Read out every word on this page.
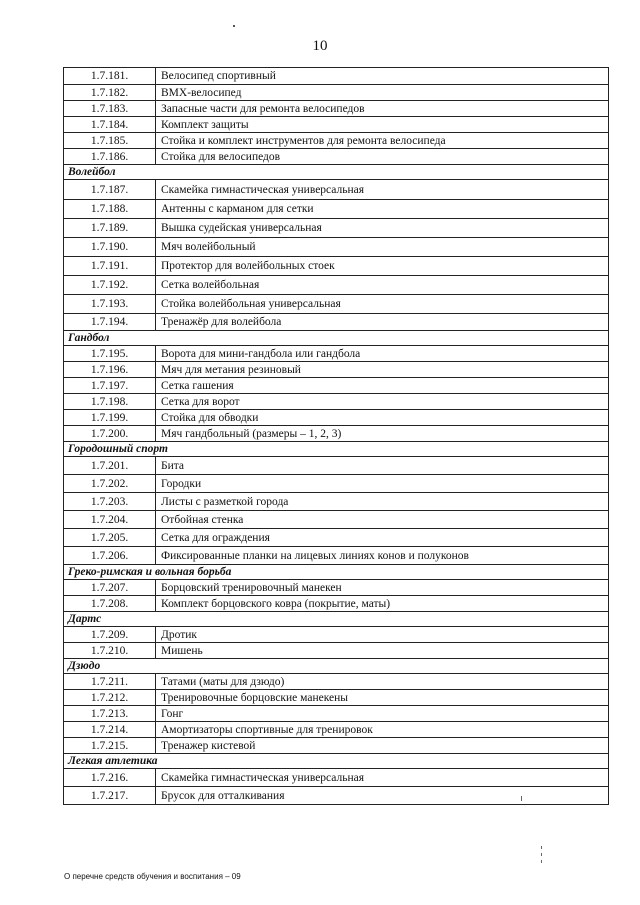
10
1.7.181.	Велосипед спортивный
1.7.182.	BMX-велосипед
1.7.183.	Запасные части для ремонта велосипедов
1.7.184.	Комплект защиты
1.7.185.	Стойка и комплект инструментов для ремонта велосипеда
1.7.186.	Стойка для велосипедов
Волейбол	
1.7.187.	Скамейка гимнастическая универсальная
1.7.188.	Антенны с карманом для сетки
1.7.189.	Вышка судейская универсальная
1.7.190.	Мяч волейбольный
1.7.191.	Протектор для волейбольных стоек
1.7.192.	Сетка волейбольная
1.7.193.	Стойка волейбольная универсальная
1.7.194.	Тренажёр для волейбола
Гандбол	
1.7.195.	Ворота для мини-гандбола или гандбола
1.7.196.	Мяч для метания резиновый
1.7.197.	Сетка гашения
1.7.198.	Сетка для ворот
1.7.199.	Стойка для обводки
1.7.200.	Мяч гандбольный (размеры – 1, 2, 3)
Городошный спорт	
1.7.201.	Бита
1.7.202.	Городки
1.7.203.	Листы с разметкой города
1.7.204.	Отбойная стенка
1.7.205.	Сетка для ограждения
1.7.206.	Фиксированные планки на лицевых линиях конов и полуконов
Греко-римская и вольная борьба	
1.7.207.	Борцовский тренировочный манекен
1.7.208.	Комплект борцовского ковра (покрытие, маты)
Дартс	
1.7.209.	Дротик
1.7.210.	Мишень
Дзюдо	
1.7.211.	Татами (маты для дзюдо)
1.7.212.	Тренировочные борцовские манекены
1.7.213.	Гонг
1.7.214.	Амортизаторы спортивные для тренировок
1.7.215.	Тренажер кистевой
Легкая атлетика	
1.7.216.	Скамейка гимнастическая универсальная
1.7.217.	Брусок для отталкивания
О перечне средств обучения и воспитания – 09
